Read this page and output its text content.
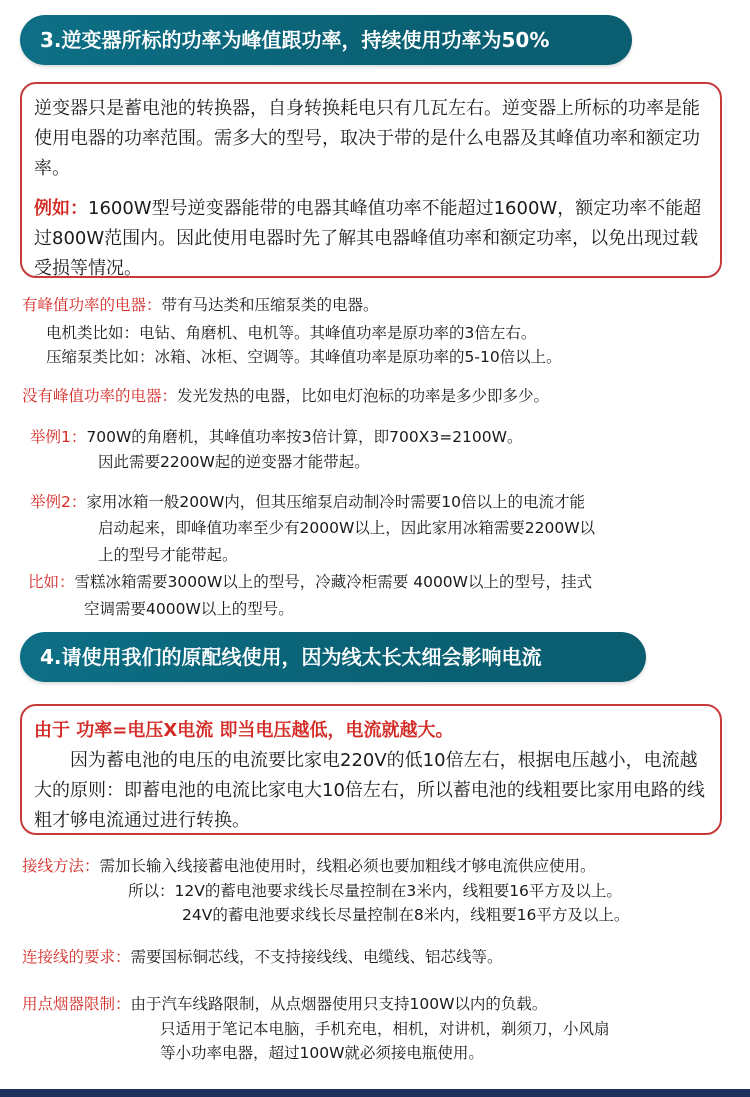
3.逆变器所标的功率为峰值跟功率，持续使用功率为50%
逆变器只是蓄电池的转换器，自身转换耗电只有几瓦左右。逆变器上所标的功率是能使用电器的功率范围。需多大的型号，取决于带的是什么电器及其峰值功率和额定功率。
例如：1600W型号逆变器能带的电器其峰值功率不能超过1600W，额定功率不能超过800W范围内。因此使用电器时先了解其电器峰值功率和额定功率，以免出现过载受损等情况。
有峰值功率的电器：带有马达类和压缩泵类的电器。
电机类比如：电钻、角磨机、电机等。其峰值功率是原功率的3倍左右。
压缩泵类比如：冰箱、冰柜、空调等。其峰值功率是原功率的5-10倍以上。
没有峰值功率的电器：发光发热的电器，比如电灯泡标的功率是多少即多少。
举例1：700W的角磨机，其峰值功率按3倍计算，即700X3=2100W。
因此需要2200W起的逆变器才能带起。
举例2：家用冰箱一般200W内，但其压缩泵启动制冷时需要10倍以上的电流才能
启动起来，即峰值功率至少有2000W以上，因此家用冰箱需要2200W以
上的型号才能带起。
比如：雪糕冰箱需要3000W以上的型号，冷藏冷柜需要 4000W以上的型号，挂式
空调需要4000W以上的型号。
4.请使用我们的原配线使用，因为线太长太细会影响电流
由于 功率=电压X电流 即当电压越低，电流就越大。
因为蓄电池的电压的电流要比家电220V的低10倍左右，根据电压越小，电流越大的原则：即蓄电池的电流比家电大10倍左右，所以蓄电池的线粗要比家用电路的线粗才够电流通过进行转换。
接线方法：需加长输入线接蓄电池使用时，线粗必须也要加粗线才够电流供应使用。
所以：12V的蓄电池要求线长尽量控制在3米内，线粗要16平方及以上。
24V的蓄电池要求线长尽量控制在8米内，线粗要16平方及以上。
连接线的要求：需要国标铜芯线，不支持接线线、电缆线、铝芯线等。
用点烟器限制：由于汽车线路限制，从点烟器使用只支持100W以内的负载。
只适用于笔记本电脑，手机充电，相机，对讲机，剃须刀，小风扇
等小功率电器，超过100W就必须接电瓶使用。
